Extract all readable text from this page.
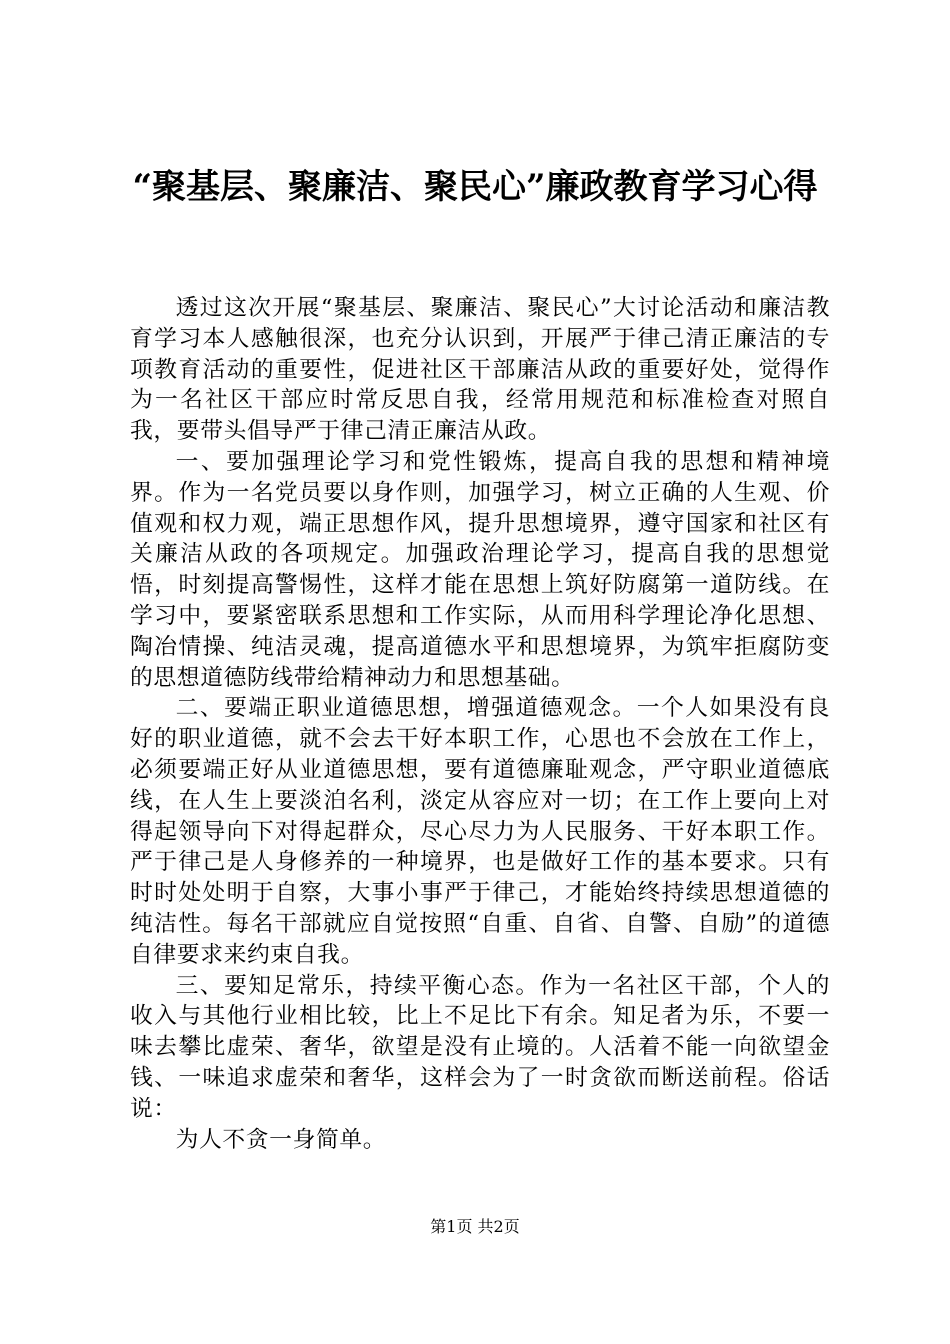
“聚基层、聚廉洁、聚民心”廉政教育学习心得

透过这次开展“聚基层、聚廉洁、聚民心”大讨论活动和廉洁教育学习本人感触很深，也充分认识到，开展严于律己清正廉洁的专项教育活动的重要性，促进社区干部廉洁从政的重要好处，觉得作为一名社区干部应时常反思自我，经常用规范和标准检查对照自我，要带头倡导严于律己清正廉洁从政。

一、要加强理论学习和党性锻炼，提高自我的思想和精神境界。作为一名党员要以身作则，加强学习，树立正确的人生观、价值观和权力观，端正思想作风，提升思想境界，遵守国家和社区有关廉洁从政的各项规定。加强政治理论学习，提高自我的思想觉悟，时刻提高警惕性，这样才能在思想上筑好防腐第一道防线。在学习中，要紧密联系思想和工作实际，从而用科学理论净化思想、陶冶情操、纯洁灵魂，提高道德水平和思想境界，为筑牢拒腐防变的思想道德防线带给精神动力和思想基础。

二、要端正职业道德思想，增强道德观念。一个人如果没有良好的职业道德，就不会去干好本职工作，心思也不会放在工作上，必须要端正好从业道德思想，要有道德廉耻观念，严守职业道德底线，在人生上要淡泊名利，淡定从容应对一切；在工作上要向上对得起领导向下对得起群众，尽心尽力为人民服务、干好本职工作。严于律己是人身修养的一种境界，也是做好工作的基本要求。只有时时处处明于自察，大事小事严于律己，才能始终持续思想道德的纯洁性。每名干部就应自觉按照“自重、自省、自警、自励”的道德自律要求来约束自我。

三、要知足常乐，持续平衡心态。作为一名社区干部，个人的收入与其他行业相比较，比上不足比下有余。知足者为乐，不要一味去攀比虚荣、奢华，欲望是没有止境的。人活着不能一向欲望金钱、一味追求虚荣和奢华，这样会为了一时贪欲而断送前程。俗话说：

为人不贪一身简单。

第1页 共2页
